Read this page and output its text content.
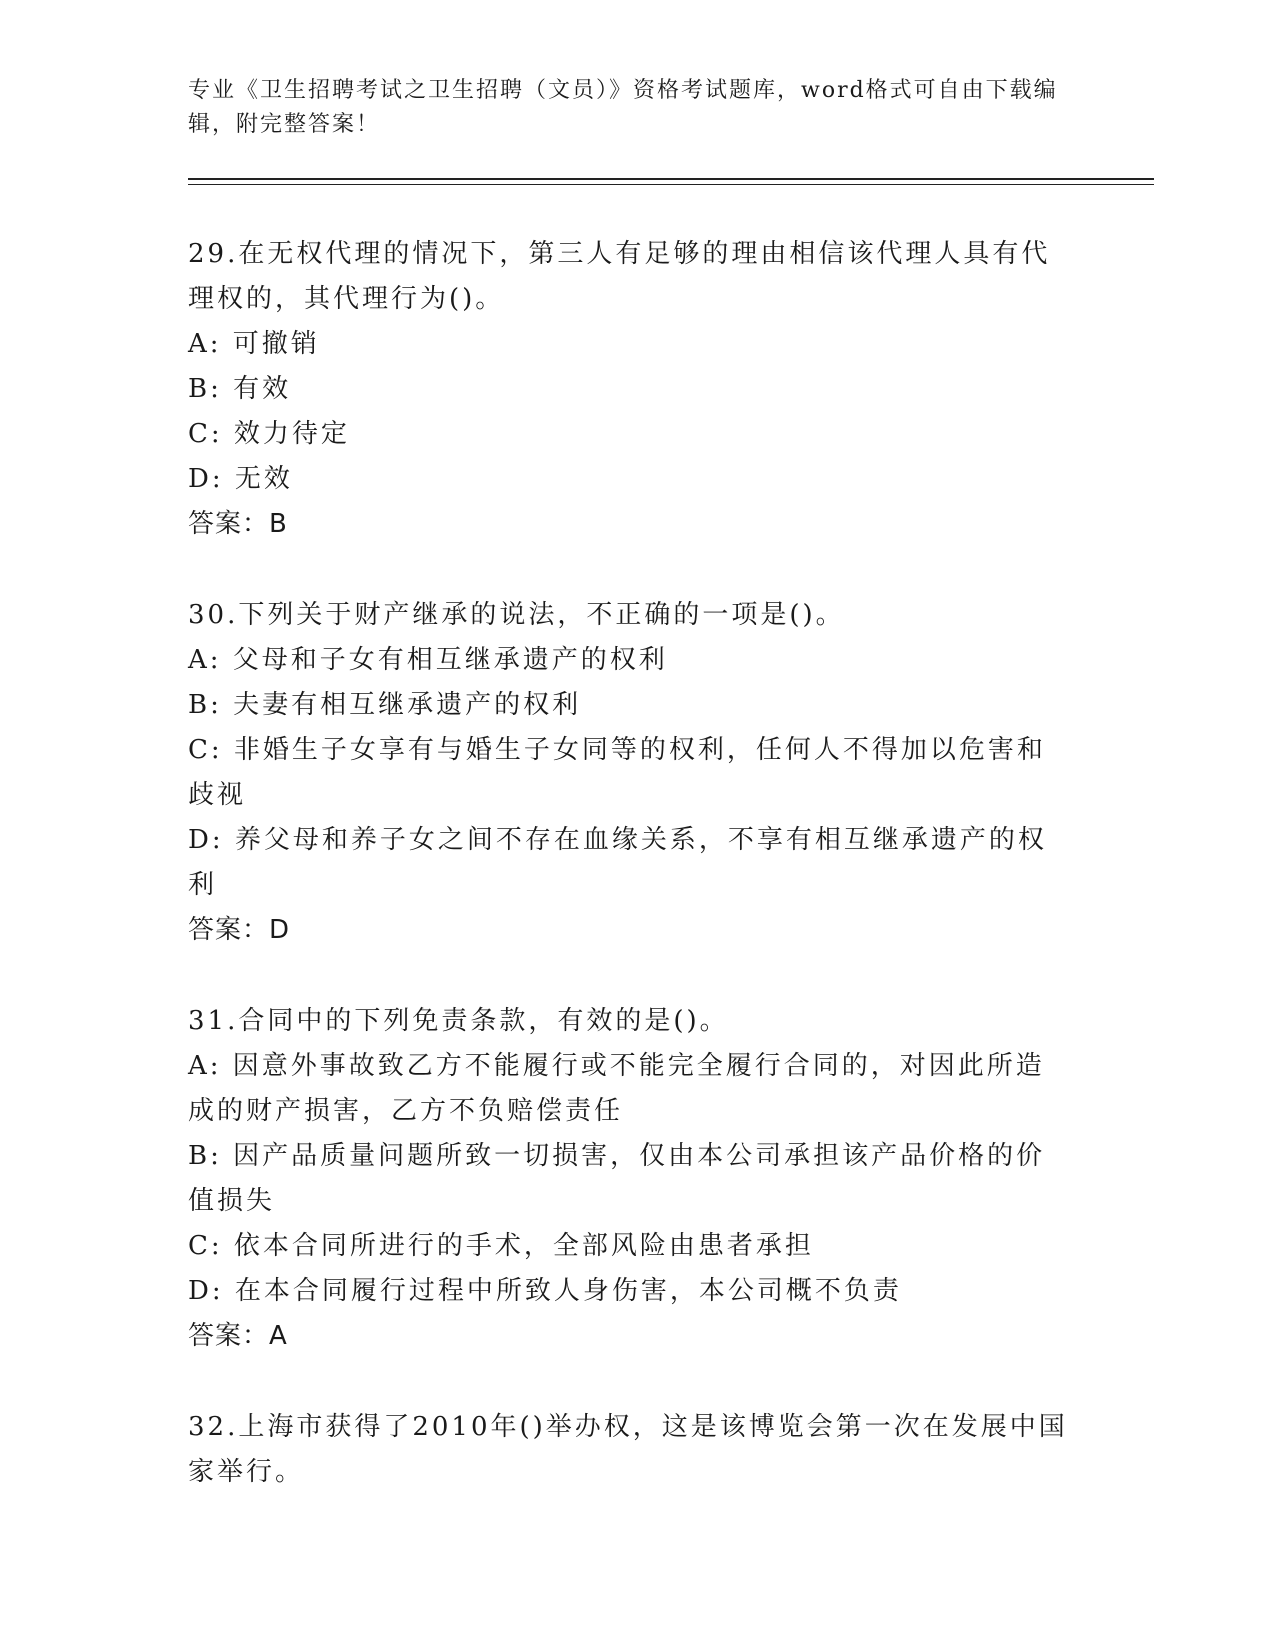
专业《卫生招聘考试之卫生招聘（文员）》资格考试题库，word格式可自由下载编辑，附完整答案！
29.在无权代理的情况下，第三人有足够的理由相信该代理人具有代理权的，其代理行为()。
A: 可撤销
B: 有效
C: 效力待定
D: 无效
答案：B
30.下列关于财产继承的说法，不正确的一项是()。
A: 父母和子女有相互继承遗产的权利
B: 夫妻有相互继承遗产的权利
C: 非婚生子女享有与婚生子女同等的权利，任何人不得加以危害和歧视
D: 养父母和养子女之间不存在血缘关系，不享有相互继承遗产的权利
答案：D
31.合同中的下列免责条款，有效的是()。
A: 因意外事故致乙方不能履行或不能完全履行合同的，对因此所造成的财产损害，乙方不负赔偿责任
B: 因产品质量问题所致一切损害，仅由本公司承担该产品价格的价值损失
C: 依本合同所进行的手术，全部风险由患者承担
D: 在本合同履行过程中所致人身伤害，本公司概不负责
答案：A
32.上海市获得了2010年()举办权，这是该博览会第一次在发展中国家举行。
